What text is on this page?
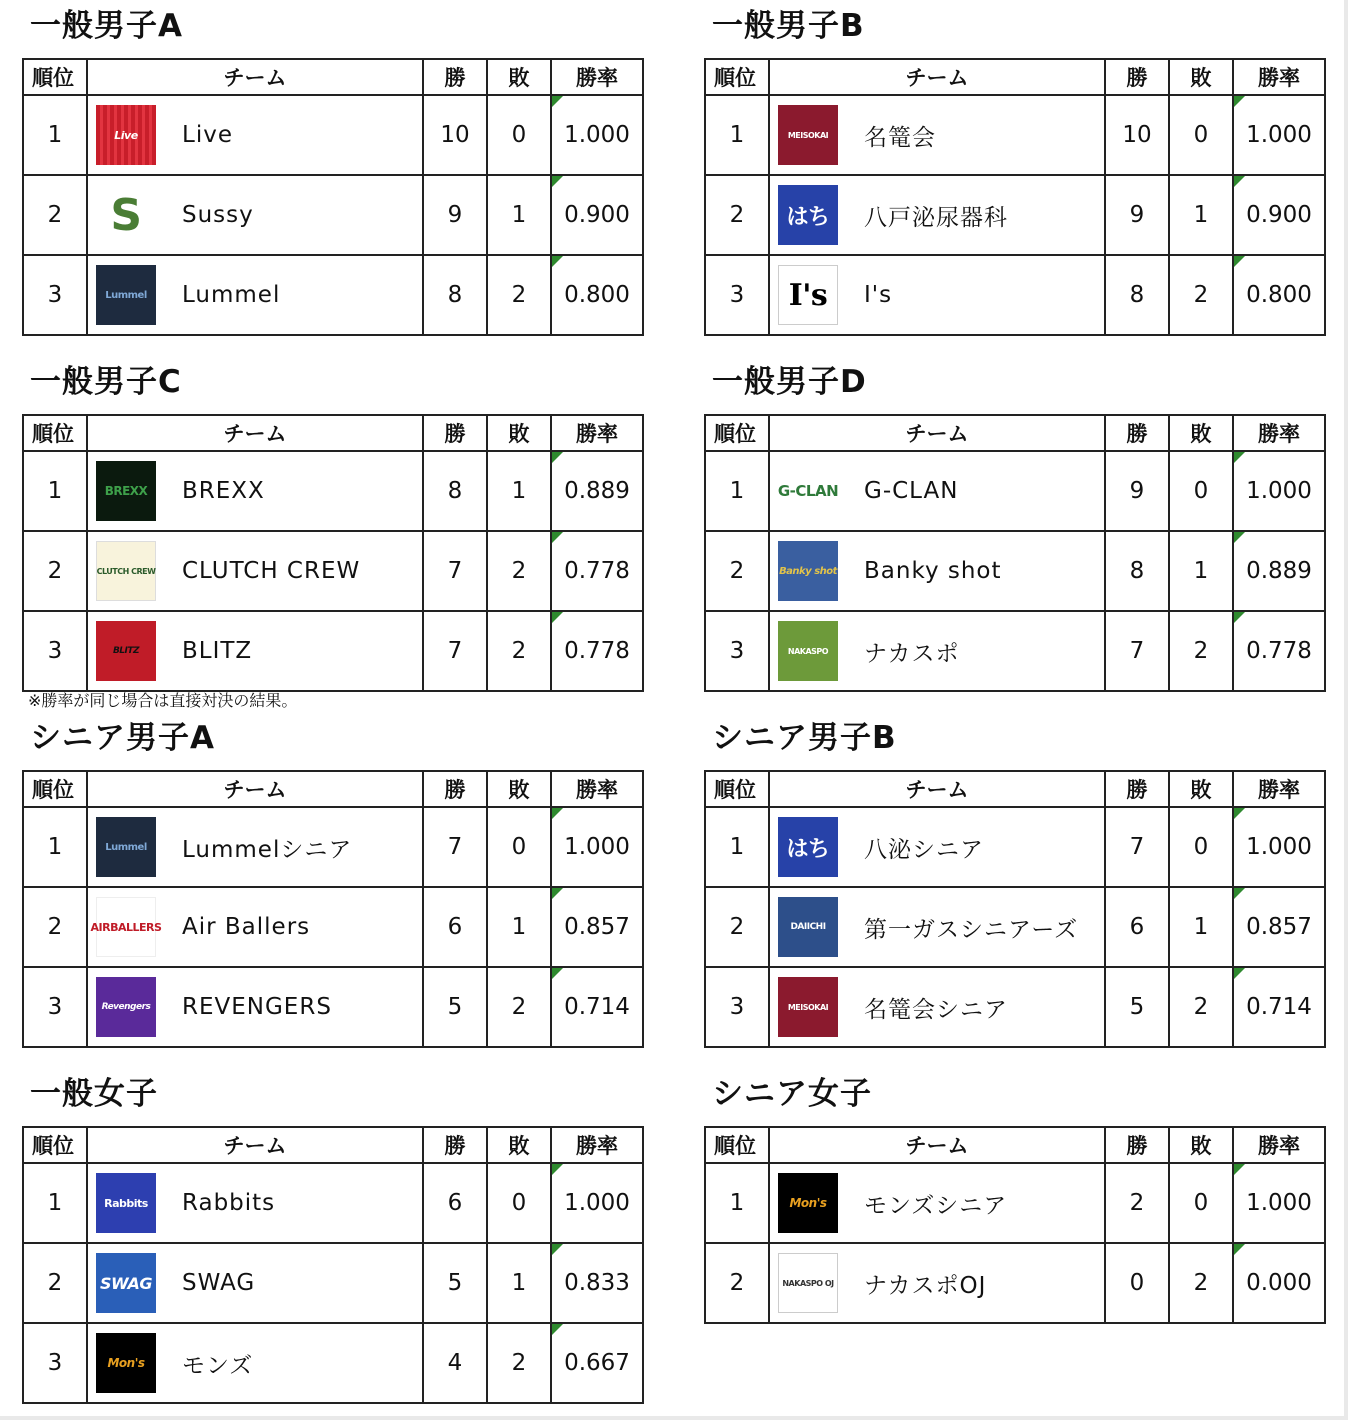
一般男子A
順位	チーム	勝	敗	勝率
1	Live Live	10	0	1.000
2	S Sussy	9	1	0.900
3	Lummel Lummel	8	2	0.800
一般男子B
順位	チーム	勝	敗	勝率
1	MEISOKAI 名篭会	10	0	1.000
2	はち 八戸泌尿器科	9	1	0.900
3	I's I's	8	2	0.800
一般男子C
順位	チーム	勝	敗	勝率
1	BREXX BREXX	8	1	0.889
2	CLUTCH CREW CLUTCH CREW	7	2	0.778
3	BLITZ BLITZ	7	2	0.778
一般男子D
順位	チーム	勝	敗	勝率
1	G-CLAN G-CLAN	9	0	1.000
2	Banky shot Banky shot	8	1	0.889
3	NAKASPO ナカスポ	7	2	0.778
シニア男子A
順位	チーム	勝	敗	勝率
1	Lummel Lummelシニア	7	0	1.000
2	AIRBALLERS Air Ballers	6	1	0.857
3	Revengers REVENGERS	5	2	0.714
シニア男子B
順位	チーム	勝	敗	勝率
1	はち 八泌シニア	7	0	1.000
2	DAIICHI 第一ガスシニアーズ	6	1	0.857
3	MEISOKAI 名篭会シニア	5	2	0.714
一般女子
順位	チーム	勝	敗	勝率
1	Rabbits Rabbits	6	0	1.000
2	SWAG SWAG	5	1	0.833
3	Mon's モンズ	4	2	0.667
シニア女子
順位	チーム	勝	敗	勝率
1	Mon's モンズシニア	2	0	1.000
2	NAKASPO OJ ナカスポOJ	0	2	0.000
※勝率が同じ場合は直接対決の結果。
